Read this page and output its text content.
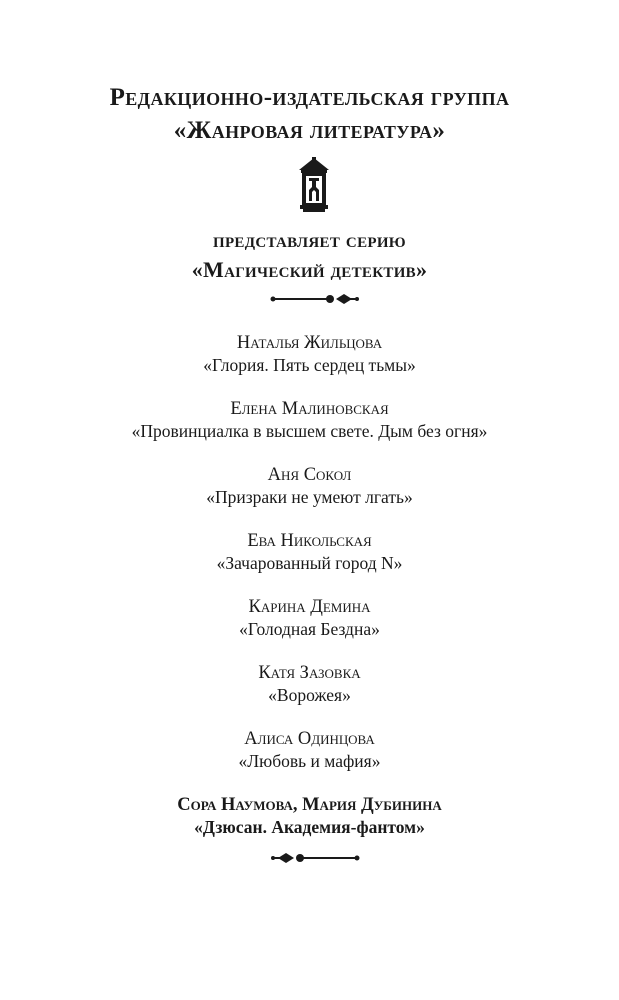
Редакционно-издательская группа
«Жанровая литература»
представляет серию
«Магический детектив»
Наталья Жильцова
«Глория. Пять сердец тьмы»
Елена Малиновская
«Провинциалка в высшем свете. Дым без огня»
Аня Сокол
«Призраки не умеют лгать»
Ева Никольская
«Зачарованный город N»
Карина Демина
«Голодная Бездна»
Катя Зазовка
«Ворожея»
Алиса Одинцова
«Любовь и мафия»
Сора Наумова, Мария Дубинина
«Дзюсан. Академия-фантом»
